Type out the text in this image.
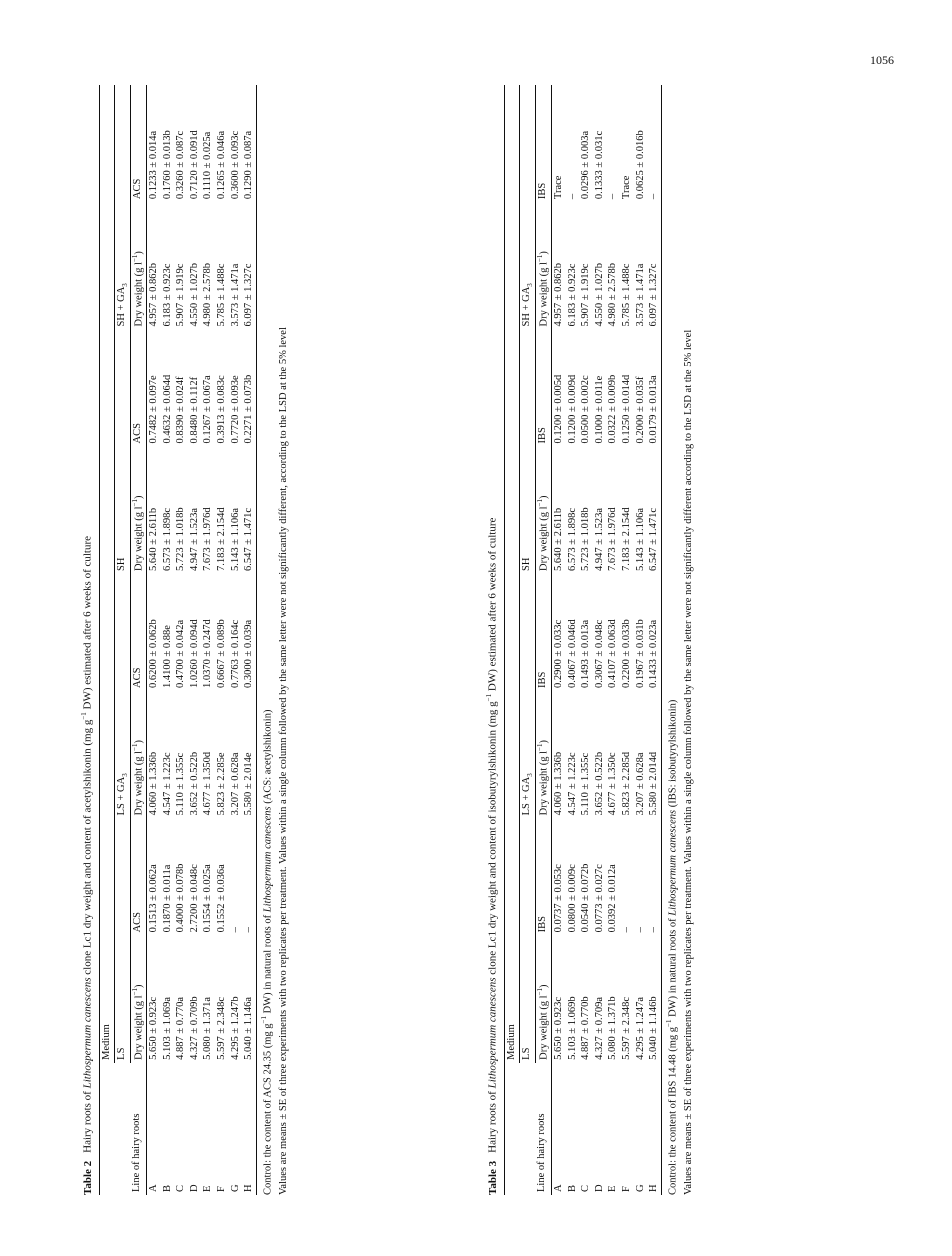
1056
Table 2Hairy roots of Lithospermum canescens clone Lc1 dry weight and content of acetylshikonin (mg $g^{-1}$ DW) estimated after 6 weeks of culture
	Medium							
	LS		LS + $GA_3$		SH		SH + $GA_3$
Line of hairy roots	Dry weight (g $l^{-1}$)	ACS	Dry weight (g $l^{-1}$)	ACS	Dry weight (g $l^{-1}$)	ACS	Dry weight (g $l^{-1}$)	ACS
A	5.650 ± 0.923c	0.1513 ± 0.062a	4.060 ± 1.336b	0.6200 ± 0.062b	5.640 ± 2.611b	0.7482 ± 0.097e	4.957 ± 0.862b	0.1233 ± 0.014a
B	5.103 ± 1.069a	0.1870 ± 0.011a	4.547 ± 1.223c	1.4100 ± 0.88e	6.573 ± 1.898c	0.4632 ± 0.064d	6.183 ± 0.923c	0.1760 ± 0.013b
C	4.887 ± 0.770a	0.4000 ± 0.078b	5.110 ± 1.355c	0.4700 ± 0.042a	5.723 ± 1.018b	0.8390 ± 0.024f	5.907 ± 1.919c	0.3260 ± 0.087c
D	4.327 ± 0.709b	2.7200 ± 0.048c	3.652 ± 0.522b	1.0260 ± 0.094d	4.947 ± 1.523a	0.8480 ± 0.112f	4.550 ± 1.027b	0.7120 ± 0.091d
E	5.080 ± 1.371a	0.1554 ± 0.025a	4.677 ± 1.350d	1.0370 ± 0.247d	7.673 ± 1.976d	0.1267 ± 0.067a	4.980 ± 2.578b	0.1110 ± 0.025a
F	5.597 ± 2.348c	0.1552 ± 0.036a	5.823 ± 2.285e	0.6667 ± 0.089b	7.183 ± 2.154d	0.3913 ± 0.083c	5.785 ± 1.488c	0.1265 ± 0.046a
G	4.295 ± 1.247b	–	3.207 ± 0.628a	0.7763 ± 0.164c	5.143 ± 1.106a	0.7720 ± 0.093e	3.573 ± 1.471a	0.3600 ± 0.093c
H	5.040 ± 1.146a	–	5.580 ± 2.014e	0.3000 ± 0.039a	6.547 ± 1.471c	0.2271 ± 0.073b	6.097 ± 1.327c	0.1290 ± 0.087a

Control: the content of ACS 24.35 (mg $g^{-1}$ DW) in natural roots of Lithospermum canescens (ACS: acetylshikonin) Values are means ± SE of three experiments with two replicates per treatment. Values within a single column followed by the same letter were not significantly different, according to the LSD at the 5% level	Table 3Hairy roots of Lithospermum canescens clone Lc1 dry weight and content of isobutyrylshikonin (mg $g^{-1}$ DW) estimated after 6 weeks of culture
	Medium							
	LS		LS + $GA_3$		SH		SH + $GA_3$
Line of hairy roots	Dry weight (g $l^{-1}$)	IBS	Dry weight (g $l^{-1}$)	IBS	Dry weight (g $l^{-1}$)	IBS	Dry weight (g $l^{-1}$)	IBS
A	5.650 ± 0.923c	0.0737 ± 0.053c	4.060 ± 1.336b	0.2900 ± 0.033c	5.640 ± 2.611b	0.1200 ± 0.005d	4.957 ± 0.862b	Trace
B	5.103 ± 1.069b	0.0800 ± 0.009c	4.547 ± 1.223c	0.4067 ± 0.046d	6.573 ± 1.898c	0.1200 ± 0.009d	6.183 ± 0.923c	–
C	4.887 ± 0.770b	0.0540 ± 0.072b	5.110 ± 1.355c	0.1493 ± 0.013a	5.723 ± 1.018b	0.0500 ± 0.002c	5.907 ± 1.919c	0.0296 ± 0.003a
D	4.327 ± 0.709a	0.0773 ± 0.027c	3.652 ± 0.522b	0.3067 ± 0.048c	4.947 ± 1.523a	0.1000 ± 0.011e	4.550 ± 1.027b	0.1333 ± 0.031c
E	5.080 ± 1.371b	0.0392 ± 0.012a	4.677 ± 1.350c	0.4107 ± 0.063d	7.673 ± 1.976d	0.0322 ± 0.009b	4.980 ± 2.578b	–
F	5.597 ± 2.348c	–	5.823 ± 2.285d	0.2200 ± 0.033b	7.183 ± 2.154d	0.1250 ± 0.014d	5.785 ± 1.488c	Trace
G	4.295 ± 1.247a	–	3.207 ± 0.628a	0.1967 ± 0.031b	5.143 ± 1.106a	0.2000 ± 0.035f	3.573 ± 1.471a	0.0625 ± 0.016b
H	5.040 ± 1.146b	–	5.580 ± 2.014d	0.1433 ± 0.023a	6.547 ± 1.471c	0.0179 ± 0.013a	6.097 ± 1.327c	–

Control: the content of IBS 14.48 (mg $g^{-1}$ DW) in natural roots of Lithospermum canescens (IBS: isobutyrylshikonin) Values are means ± SE of three experiments with two replicates per treatment. Values within a single column followed by the same letter were not significantly different according to the LSD at the 5% level
